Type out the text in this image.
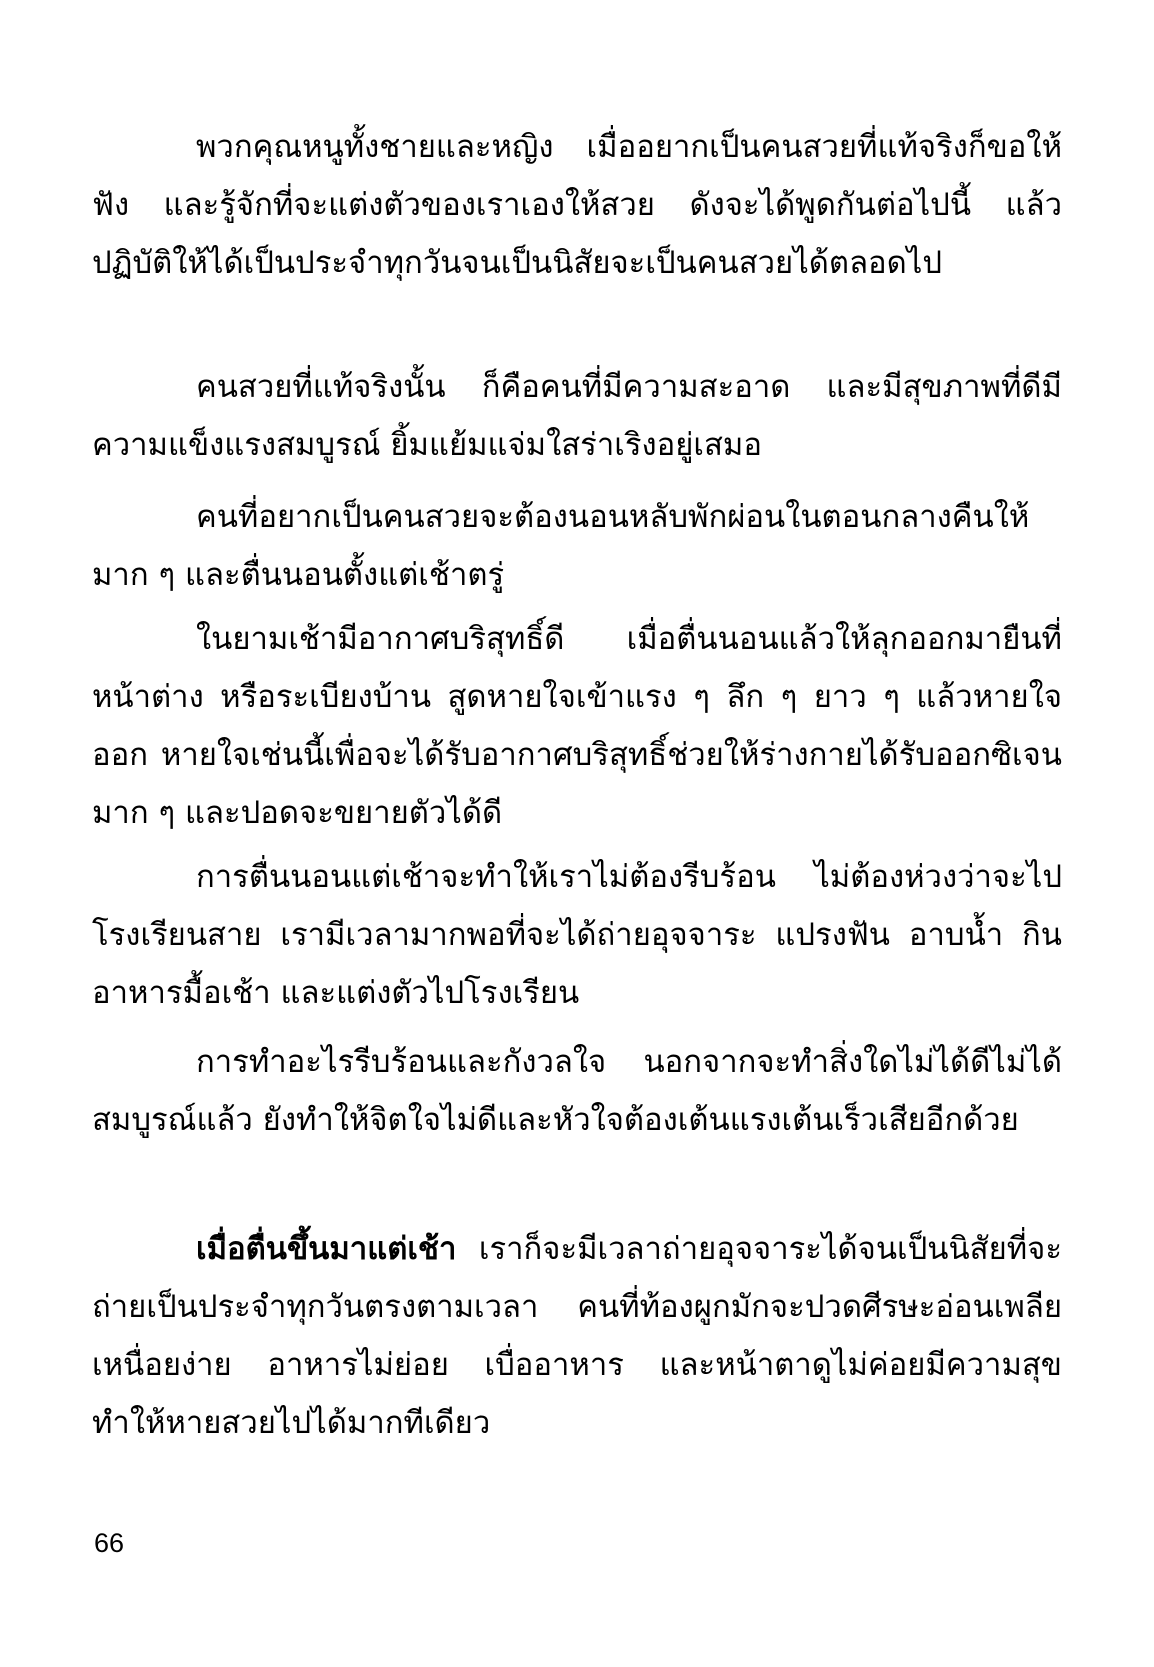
พวกคุณหนูทั้งชายและหญิง เมื่ออยากเป็นคนสวยที่แท้จริงก็ขอให้ฟัง และรู้จักที่จะแต่งตัวของเราเองให้สวย ดังจะได้พูดกันต่อไปนี้ แล้วปฏิบัติให้ได้เป็นประจำทุกวันจนเป็นนิสัยจะเป็นคนสวยได้ตลอดไป

คนสวยที่แท้จริงนั้น ก็คือคนที่มีความสะอาด และมีสุขภาพที่ดีมีความแข็งแรงสมบูรณ์ ยิ้มแย้มแจ่มใสร่าเริงอยู่เสมอ

คนที่อยากเป็นคนสวยจะต้องนอนหลับพักผ่อนในตอนกลางคืนให้มาก ๆ และตื่นนอนตั้งแต่เช้าตรู่

ในยามเช้ามีอากาศบริสุทธิ์ดี เมื่อตื่นนอนแล้วให้ลุกออกมายืนที่หน้าต่าง หรือระเบียงบ้าน สูดหายใจเข้าแรง ๆ ลึก ๆ ยาว ๆ แล้วหายใจออก หายใจเช่นนี้เพื่อจะได้รับอากาศบริสุทธิ์ช่วยให้ร่างกายได้รับออกซิเจนมาก ๆ และปอดจะขยายตัวได้ดี

การตื่นนอนแต่เช้าจะทำให้เราไม่ต้องรีบร้อน ไม่ต้องห่วงว่าจะไปโรงเรียนสาย เรามีเวลามากพอที่จะได้ถ่ายอุจจาระ แปรงฟัน อาบน้ำ กินอาหารมื้อเช้า และแต่งตัวไปโรงเรียน

การทำอะไรรีบร้อนและกังวลใจ นอกจากจะทำสิ่งใดไม่ได้ดีไม่ได้สมบูรณ์แล้ว ยังทำให้จิตใจไม่ดีและหัวใจต้องเต้นแรงเต้นเร็วเสียอีกด้วย

เมื่อตื่นขึ้นมาแต่เช้า เราก็จะมีเวลาถ่ายอุจจาระได้จนเป็นนิสัยที่จะถ่ายเป็นประจำทุกวันตรงตามเวลา คนที่ท้องผูกมักจะปวดศีรษะอ่อนเพลีย เหนื่อยง่าย อาหารไม่ย่อย เบื่ออาหาร และหน้าตาดูไม่ค่อยมีความสุข ทำให้หายสวยไปได้มากทีเดียว

66
